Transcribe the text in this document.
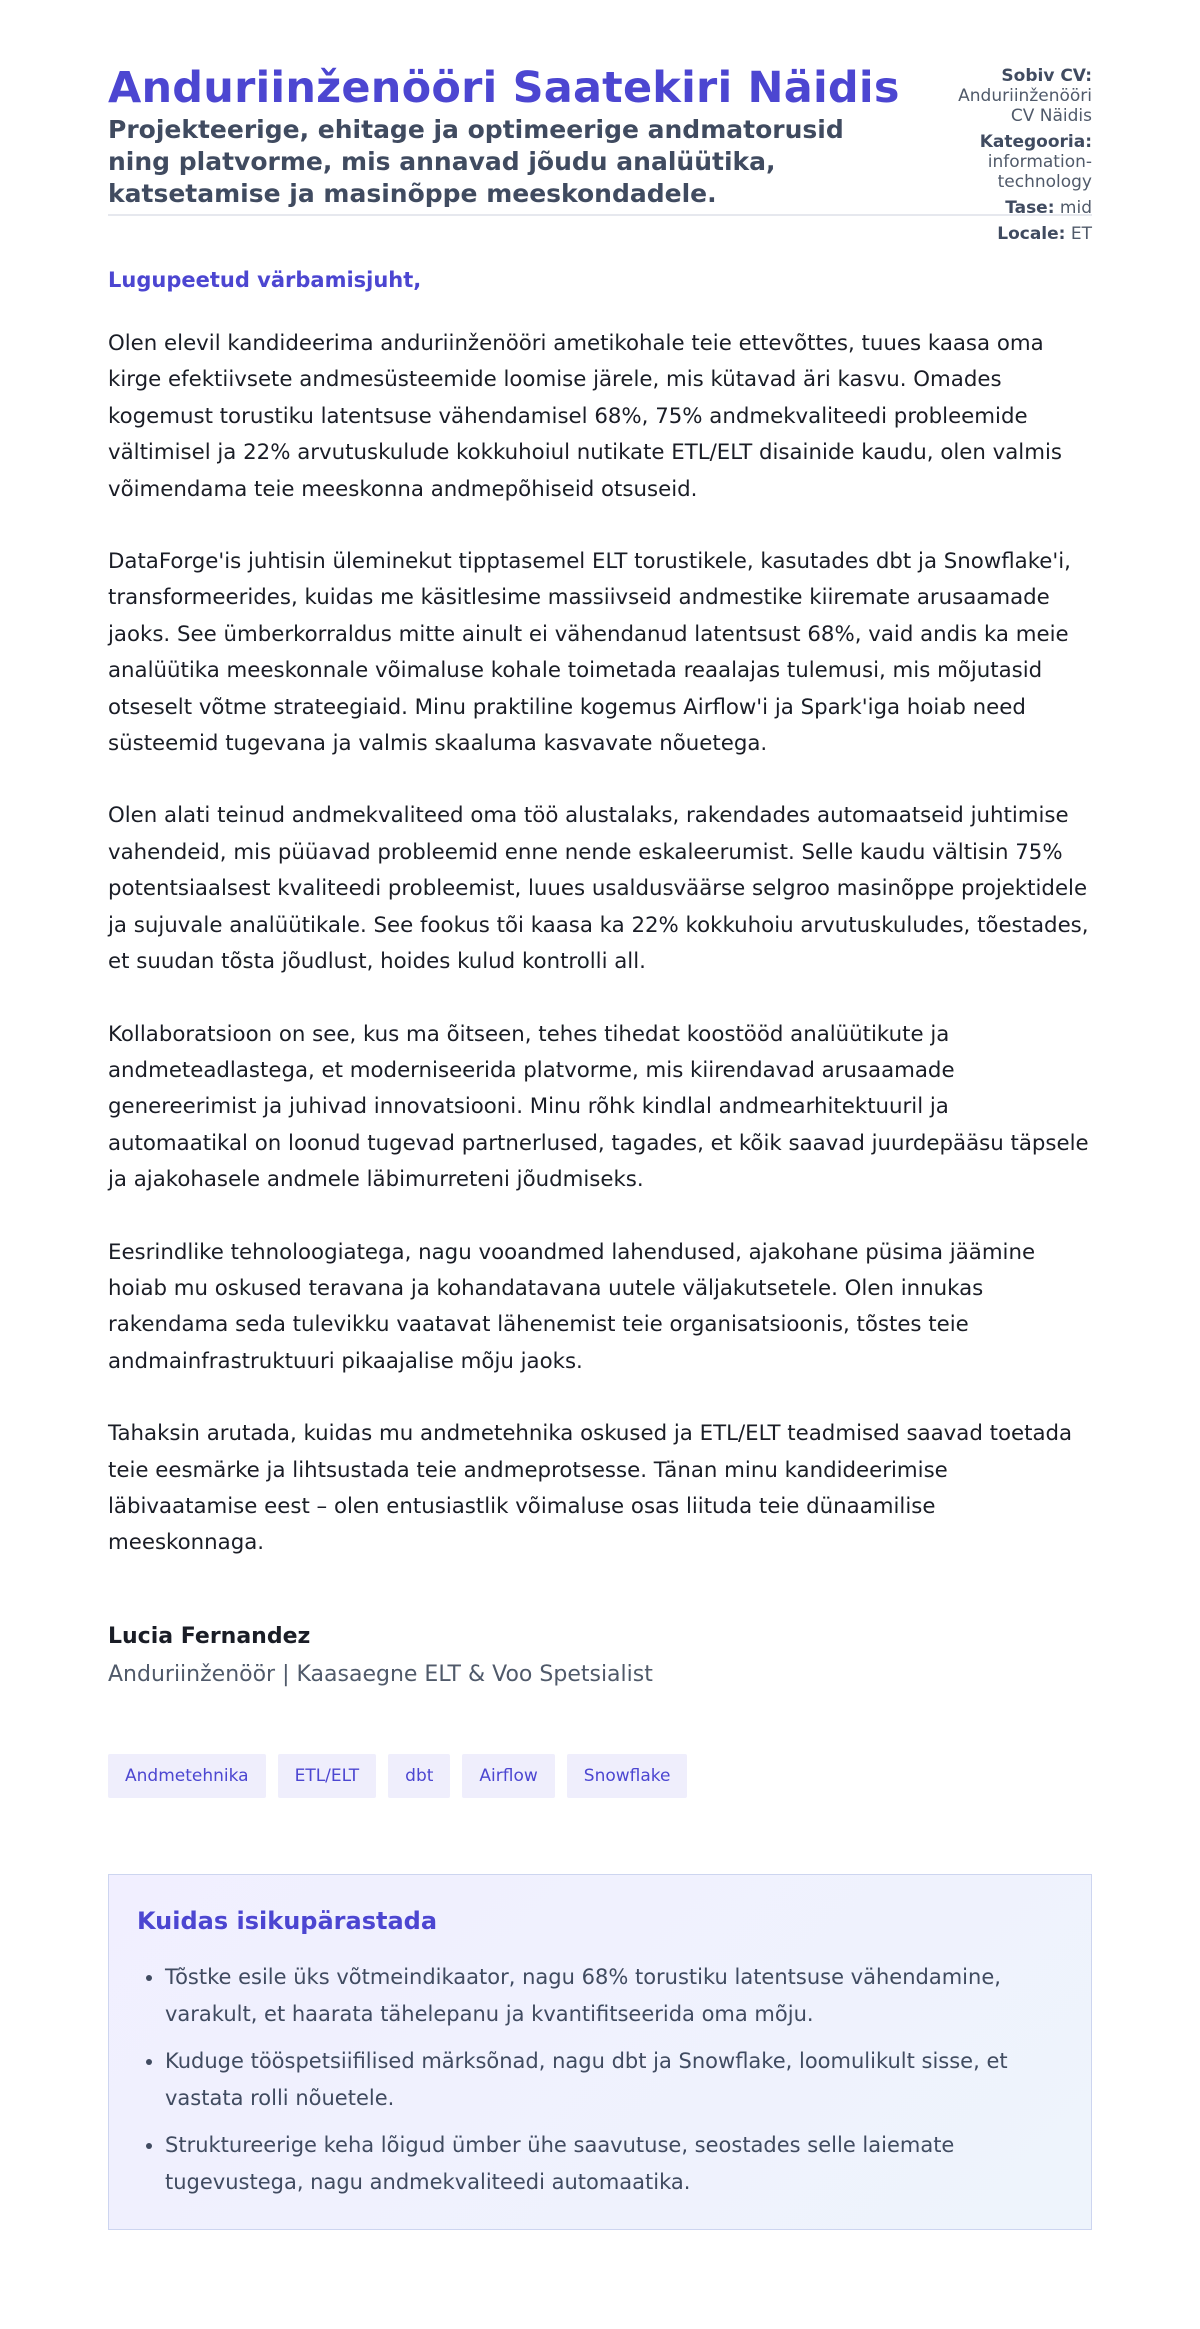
Anduriinženööri Saatekiri Näidis

Projekteerige, ehitage ja optimeerige andmatorusid ning platvorme, mis annavad jõudu analüütika, katsetamise ja masinõppe meeskondadele.

Sobiv CV: Anduriinženööri CV Näidis
Kategooria: information-technology
Tase: mid
Locale: ET

Lugupeetud värbamisjuht,

Olen elevil kandideerima anduriinženööri ametikohale teie ettevõttes, tuues kaasa oma kirge efektiivsete andmesüsteemide loomise järele, mis kütavad äri kasvu. Omades kogemust torustiku latentsuse vähendamisel 68%, 75% andmekvaliteedi probleemide vältimisel ja 22% arvutuskulude kokkuhoiul nutikate ETL/ELT disainide kaudu, olen valmis võimendama teie meeskonna andmepõhiseid otsuseid.

DataForge'is juhtisin üleminekut tipptasemel ELT torustikele, kasutades dbt ja Snowflake'i, transformeerides, kuidas me käsitlesime massiivseid andmestike kiiremate arusaamade jaoks. See ümberkorraldus mitte ainult ei vähendanud latentsust 68%, vaid andis ka meie analüütika meeskonnale võimaluse kohale toimetada reaalajas tulemusi, mis mõjutasid otseselt võtme strateegiaid. Minu praktiline kogemus Airflow'i ja Spark'iga hoiab need süsteemid tugevana ja valmis skaaluma kasvavate nõuetega.

Olen alati teinud andmekvaliteed oma töö alustalaks, rakendades automaatseid juhtimise vahendeid, mis püüavad probleemid enne nende eskaleerumist. Selle kaudu vältisin 75% potentsiaalsest kvaliteedi probleemist, luues usaldusväärse selgroo masinõppe projektidele ja sujuvale analüütikale. See fookus tõi kaasa ka 22% kokkuhoiu arvutuskuludes, tõestades, et suudan tõsta jõudlust, hoides kulud kontrolli all.

Kollaboratsioon on see, kus ma õitseen, tehes tihedat koostööd analüütikute ja andmeteadlastega, et moderniseerida platvorme, mis kiirendavad arusaamade genereerimist ja juhivad innovatsiooni. Minu rõhk kindlal andmearhitektuuril ja automaatikal on loonud tugevad partnerlused, tagades, et kõik saavad juurdepääsu täpsele ja ajakohasele andmele läbimurreteni jõudmiseks.

Eesrindlike tehnoloogiatega, nagu vooandmed lahendused, ajakohane püsima jäämine hoiab mu oskused teravana ja kohandatavana uutele väljakutsetele. Olen innukas rakendama seda tulevikku vaatavat lähenemist teie organisatsioonis, tõstes teie andmainfrastruktuuri pikaajalise mõju jaoks.

Tahaksin arutada, kuidas mu andmetehnika oskused ja ETL/ELT teadmised saavad toetada teie eesmärke ja lihtsustada teie andmeprotsesse. Tänan minu kandideerimise läbivaatamise eest – olen entusiastlik võimaluse osas liituda teie dünaamilise meeskonnaga.

Lucia Fernandez

Anduriinženöör | Kaasaegne ELT & Voo Spetsialist

Andmetehnika	ETL/ELT	dbt	Airflow	Snowflake
Kuidas isikupärastada
• Tõstke esile üks võtmeindikaator, nagu 68% torustiku latentsuse vähendamine, varakult, et haarata tähelepanu ja kvantifitseerida oma mõju.
• Kuduge tööspetsiifilised märksõnad, nagu dbt ja Snowflake, loomulikult sisse, et vastata rolli nõuetele.
• Struktureerige keha lõigud ümber ühe saavutuse, seostades selle laiemate tugevustega, nagu andmekvaliteedi automaatika.
